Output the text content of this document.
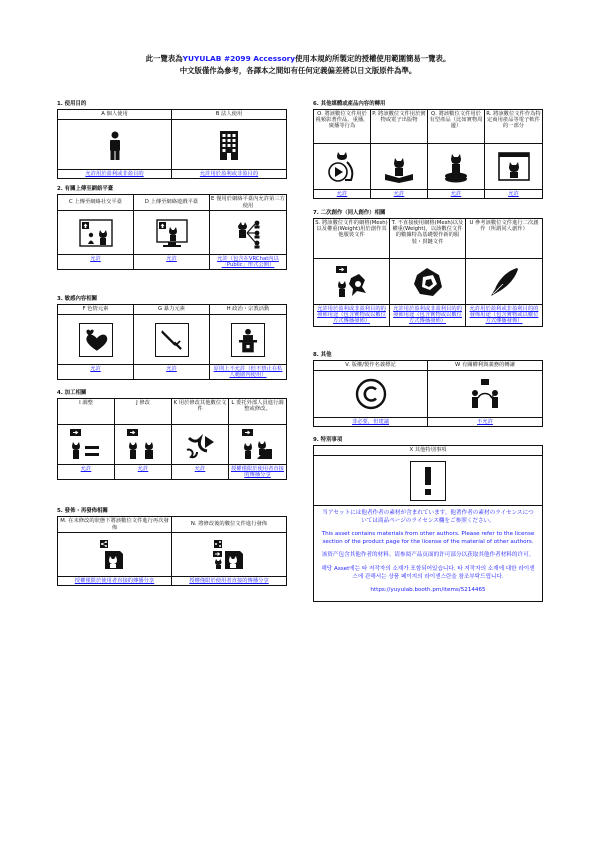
此一覽表為YUYULAB #2099 Accessory使用本規約所製定的授權使用範圍簡易一覽表。
中文版僅作為參考，各譯本之間如有任何定義偏差將以日文版原件為準。
1. 使用目的
A 個人使用
允許用於盈利或非盈目的
B 法人使用
允許用於盈利或非盈目的
2. 有關上傳至網絡平臺
C 上傳至網絡社交平臺
允許
D 上傳至網絡遊戲平臺
允許
E 僅用於網絡平臺內允許第三方使用
允許（包含在VRChat內以「Public」形式公開）
3. 敏感內容相關
F 色情元素
允許
G 暴力元素
允許
H 政治・宗教活動
原則上不允許（但不禁止在私人範圍內使用）
4. 加工相關
I 調整
允許
J 修改
允許
K 用於修改其他數位文件
允許
L 委托外部人員進行調整或修改。
授權僅限於使用者直接的傳播分享
5. 發佈・再發佈相關
M. 在未修改的狀態下將該數位文件進行再次發佈
授權僅限於使用者直接的傳播分享
N. 將修改後的數位文件進行發佈
授權僅限於使用者直接的傳播分享
6. 其他媒體或產品內容的轉用
O. 將該數位文件用於視頻影著作品，重播，廣播等行為
允許
P. 將該數位文件用於實物或電子出版物
允許
Q. 將該數位文件用於有型產品（比如實物周邊）
允許
R. 將該數位文件作為特定商用產品等電子軟件的一部分
允許
7. 二次創作（同人創作）相關
S. 將該數位文件的網格(Mesh)以及權重(Weight)用於創作其他服裝文件
允許用於盈利或非盈利目的的發佈用途（包含實物或以數位方式傳播發佈）
T. 不直接使用網格(Mesh)以及權重(Weight)，以該數位文件的數據特為基礎製作新的服裝・貫鏈文件
允許用於盈利或非盈利目的的發佈用途（包含實物或以數位方式傳播發佈）
U 參考該數位文件進行二次創作（所謂同人創作）
允許用於盈利或非盈利目的的發佈用途（包含實物或以數位方式傳播發佈）
8. 其他
V. 版權/製作名義標記
非必要，但建議
W 有關權利與義務的轉讓
不允許
9. 特別事項
X 其他特別事項
当アセットには他者作者の素材が含まれています。他著作者の素材のライセンスについては商品ページのライセンス欄をご参照ください。
This asset contains materials from other authors. Please refer to the license section of the product page for the license of the material of other authors.
该资产包含其他作者的材料。请参阅产品页面的许可部分以获取其他作者材料的许可。
해당 Asset에는 타 저작자의 소재가 포함되어있습니다. 타 저작자의 소재에 대한 라이센스에 관해서는 상품 페이지의 라이센스란을 참조부탁드립니다.
https://yuyulab.booth.pm/items/5214465
